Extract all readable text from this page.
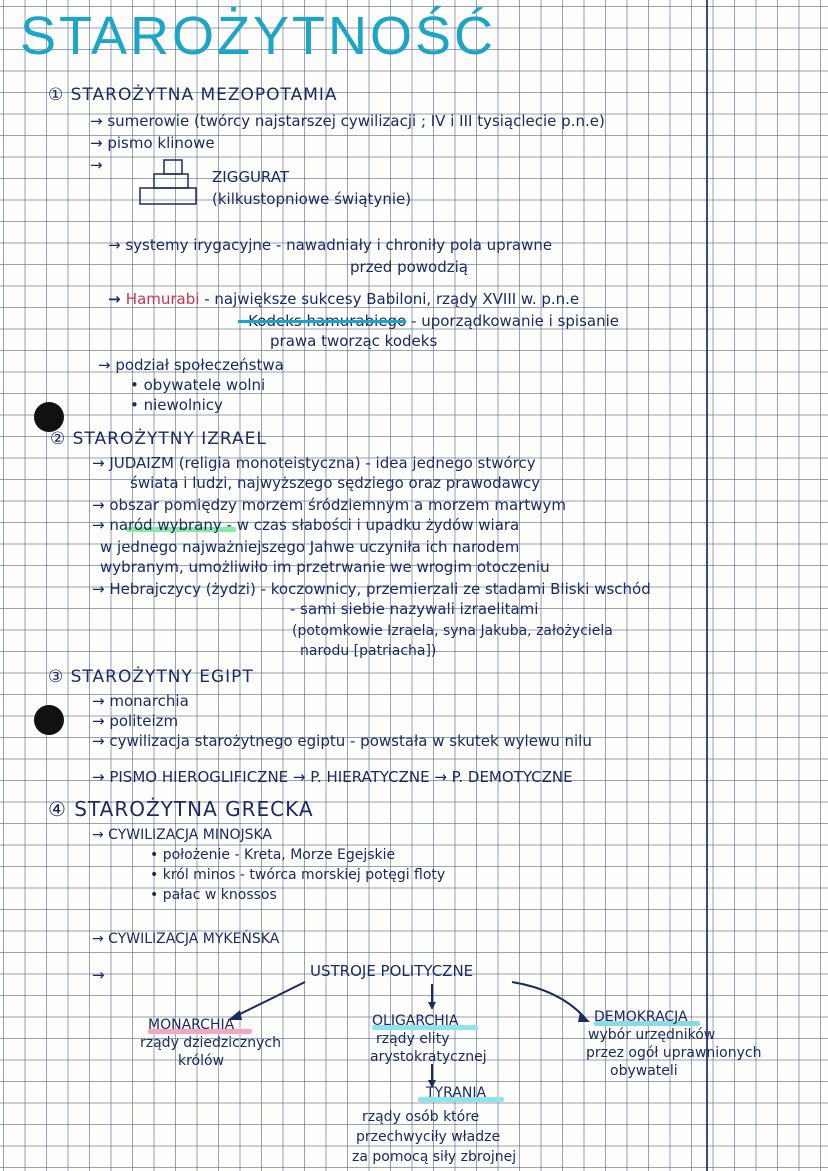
STAROŻYTNOŚĆ
① STAROŻYTNA MEZOPOTAMIA
→ sumerowie (twórcy najstarszej cywilizacji ; IV i III tysiąclecie p.n.e)
→ pismo klinowe
→
ZIGGURAT
(kilkustopniowe świątynie)
→ systemy irygacyjne - nawadniały i chroniły pola uprawne
przed powodzią
→ Hamurabi - największe sukcesy Babiloni, rządy XVIII w. p.n.e
- Kodeks hamurabiego - uporządkowanie i spisanie
prawa tworząc kodeks
→ podział społeczeństwa
• obywatele wolni
• niewolnicy
② STAROŻYTNY IZRAEL
→ JUDAIZM (religia monoteistyczna) - idea jednego stwórcy
świata i ludzi, najwyższego sędziego oraz prawodawcy
→ obszar pomiędzy morzem śródziemnym a morzem martwym
→ naród wybrany - w czas słabości i upadku żydów wiara
w jednego najważniejszego Jahwe uczyniła ich narodem
wybranym, umożliwiło im przetrwanie we wrogim otoczeniu
→ Hebrajczycy (żydzi) - koczownicy, przemierzali ze stadami Bliski wschód
- sami siebie nazywali izraelitami
(potomkowie Izraela, syna Jakuba, założyciela
narodu [patriacha])
③ STAROŻYTNY EGIPT
→ monarchia
→ politeizm
→ cywilizacja starożytnego egiptu - powstała w skutek wylewu nilu
→ PISMO HIEROGLIFICZNE → P. HIERATYCZNE → P. DEMOTYCZNE
④ STAROŻYTNA GRECKA
→ CYWILIZACJA MINOJSKA
• położenie - Kreta, Morze Egejskie
• król minos - twórca morskiej potęgi floty
• pałac w knossos
→ CYWILIZACJA MYKEŃSKA
→	USTROJE POLITYCZNE
MONARCHIA
rządy dziedzicznych
królów
OLIGARCHIA
rządy elity
arystokratycznej
TYRANIA
rządy osób które
przechwyciły władze
za pomocą siły zbrojnej
DEMOKRACJA
wybór urzędników
przez ogół uprawnionych
obywateli
